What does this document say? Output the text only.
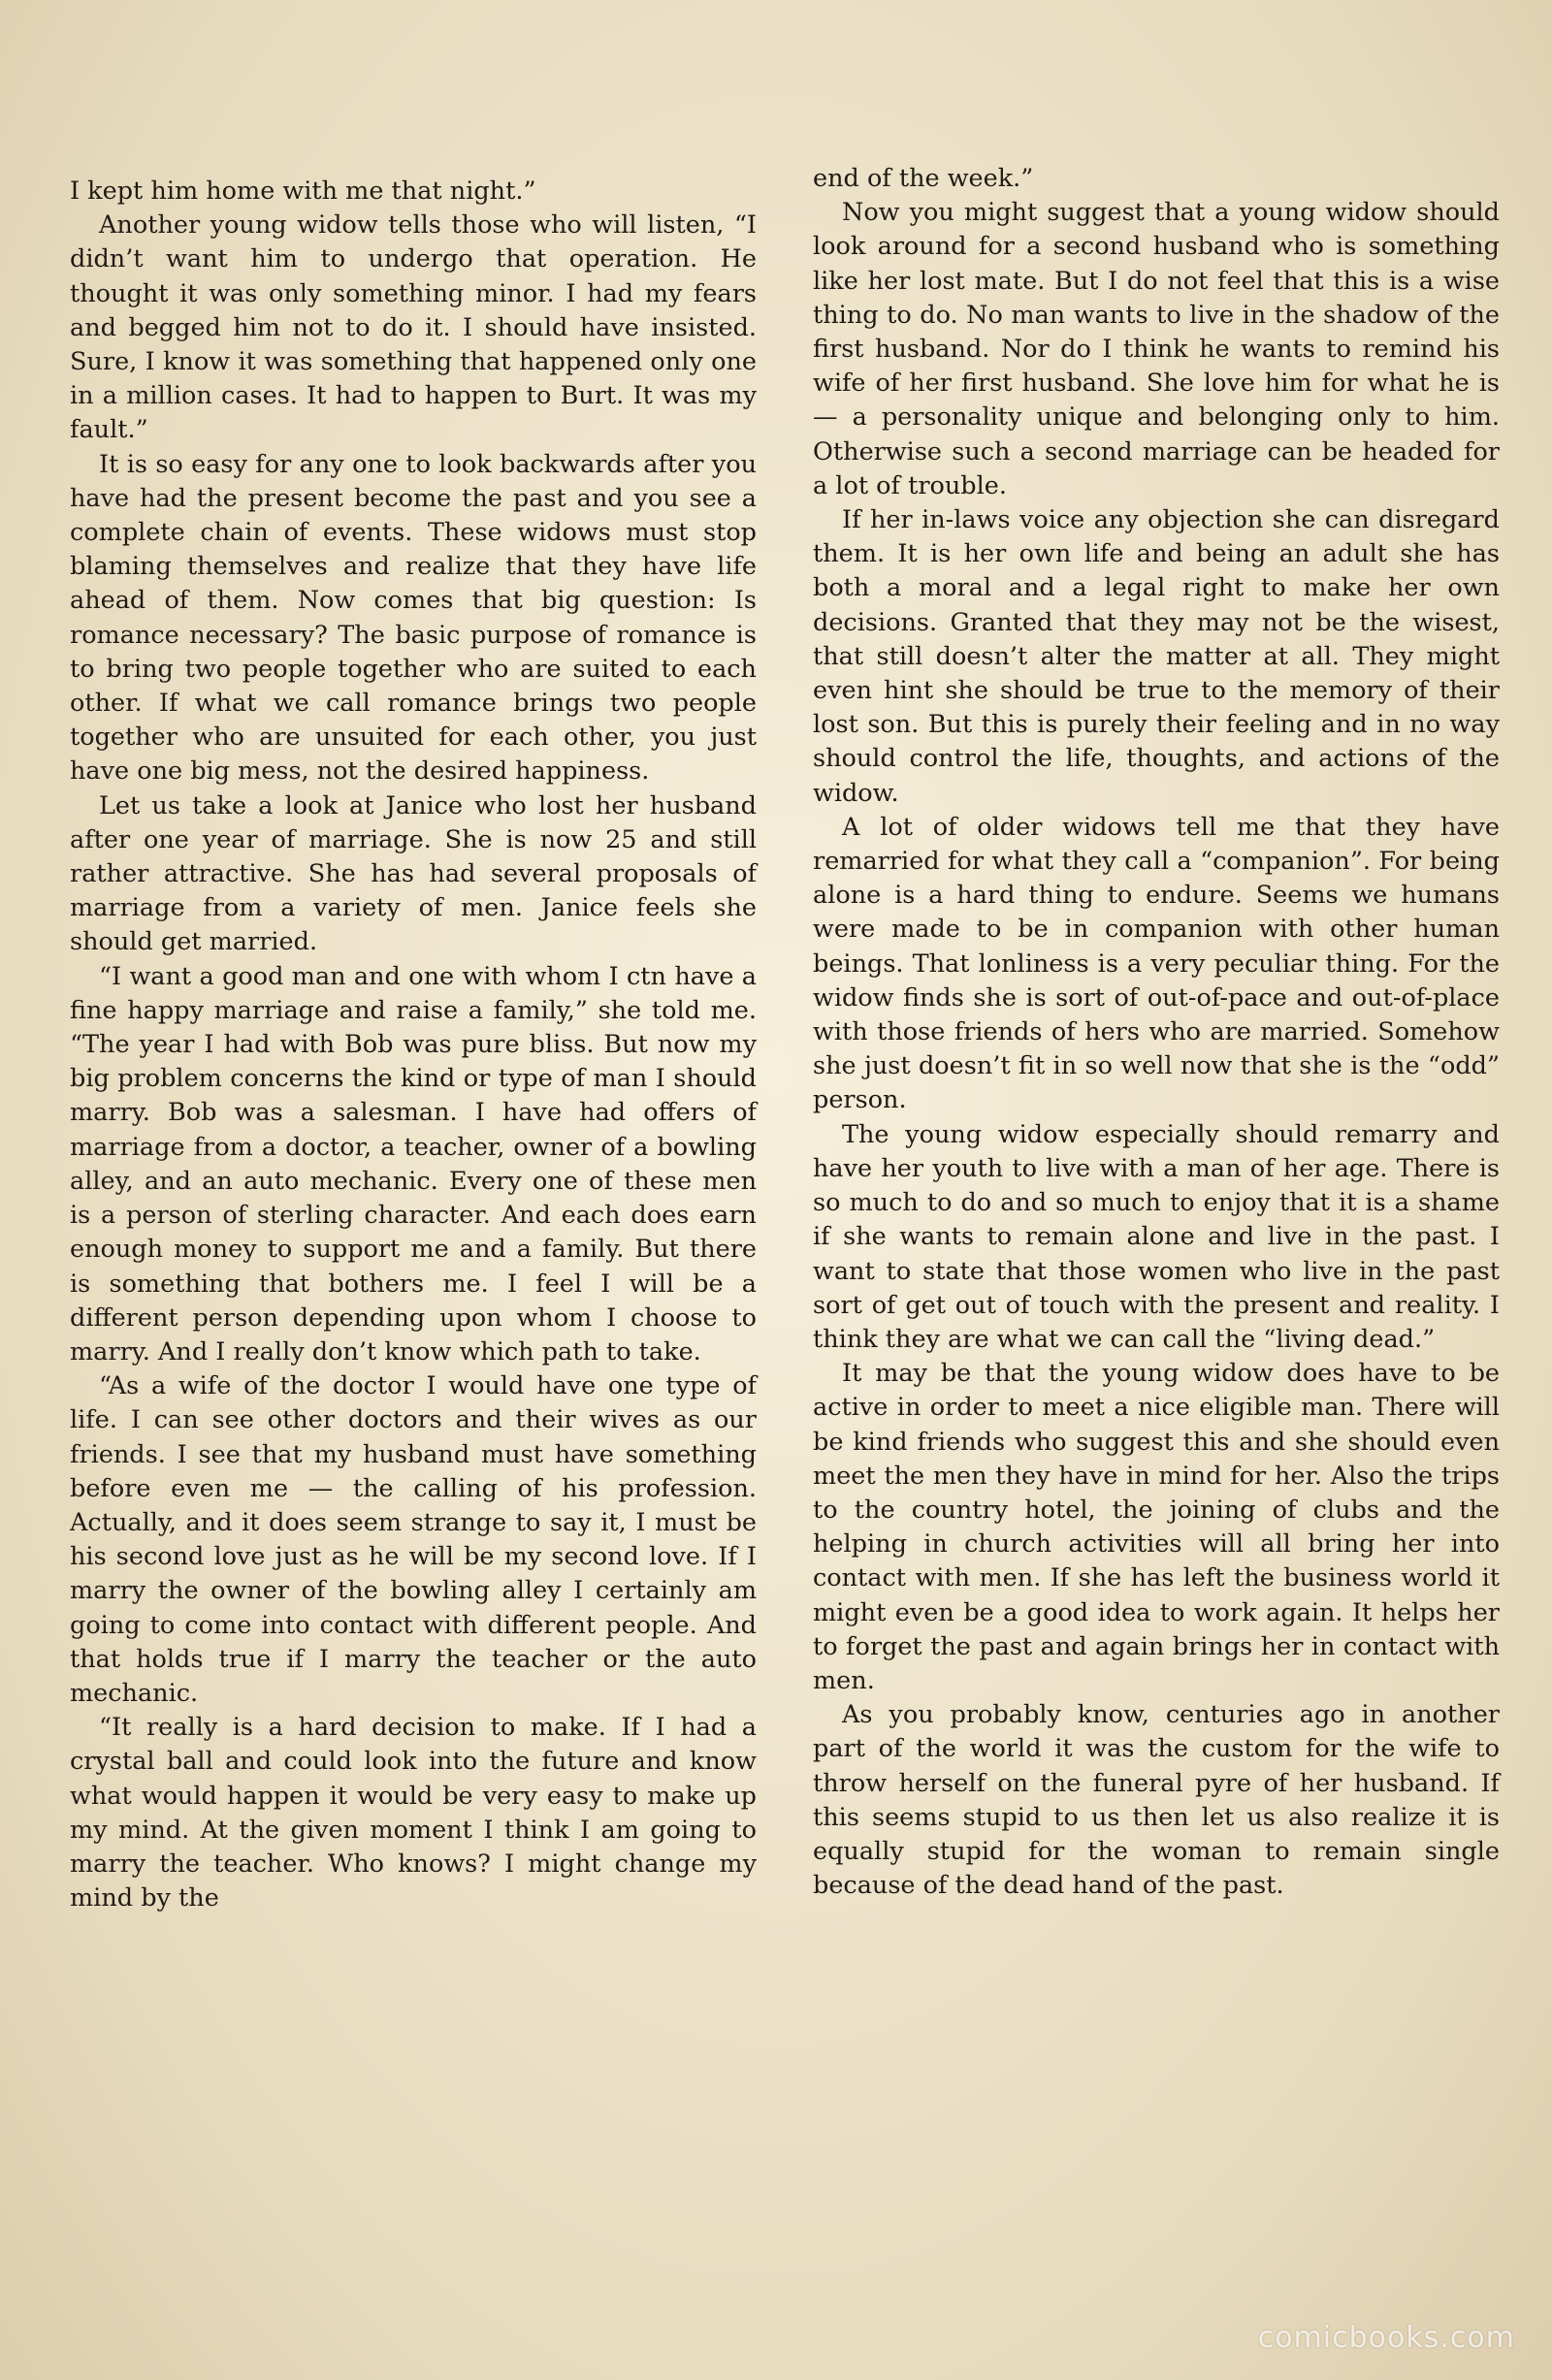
I kept him home with me that night.”

Another young widow tells those who will listen, “I didn’t want him to undergo that operation. He thought it was only something minor. I had my fears and begged him not to do it. I should have insisted. Sure, I know it was something that happened only one in a million cases. It had to happen to Burt. It was my fault.”

It is so easy for any one to look backwards after you have had the present become the past and you see a complete chain of events. These widows must stop blaming themselves and realize that they have life ahead of them. Now comes that big question: Is romance necessary? The basic purpose of romance is to bring two people together who are suited to each other. If what we call romance brings two people together who are unsuited for each other, you just have one big mess, not the desired happiness.

Let us take a look at Janice who lost her husband after one year of marriage. She is now 25 and still rather attractive. She has had several proposals of marriage from a variety of men. Janice feels she should get married.

“I want a good man and one with whom I ctn have a fine happy marriage and raise a family,” she told me. “The year I had with Bob was pure bliss. But now my big problem concerns the kind or type of man I should marry. Bob was a salesman. I have had offers of marriage from a doctor, a teacher, owner of a bowling alley, and an auto mechanic. Every one of these men is a person of sterling character. And each does earn enough money to support me and a family. But there is something that bothers me. I feel I will be a different person depending upon whom I choose to marry. And I really don’t know which path to take.

“As a wife of the doctor I would have one type of life. I can see other doctors and their wives as our friends. I see that my husband must have something before even me — the calling of his profession. Actually, and it does seem strange to say it, I must be his second love just as he will be my second love. If I marry the owner of the bowling alley I certainly am going to come into contact with different people. And that holds true if I marry the teacher or the auto mechanic.

“It really is a hard decision to make. If I had a crystal ball and could look into the future and know what would happen it would be very easy to make up my mind. At the given moment I think I am going to marry the teacher. Who knows? I might change my mind by the

end of the week.”

Now you might suggest that a young widow should look around for a second husband who is something like her lost mate. But I do not feel that this is a wise thing to do. No man wants to live in the shadow of the first husband. Nor do I think he wants to remind his wife of her first husband. She love him for what he is — a personality unique and belonging only to him. Otherwise such a second marriage can be headed for a lot of trouble.

If her in-laws voice any objection she can disregard them. It is her own life and being an adult she has both a moral and a legal right to make her own decisions. Granted that they may not be the wisest, that still doesn’t alter the matter at all. They might even hint she should be true to the memory of their lost son. But this is purely their feeling and in no way should control the life, thoughts, and actions of the widow.

A lot of older widows tell me that they have remarried for what they call a “companion”. For being alone is a hard thing to endure. Seems we humans were made to be in companion with other human beings. That lonliness is a very peculiar thing. For the widow finds she is sort of out-of-pace and out-of-place with those friends of hers who are married. Somehow she just doesn’t fit in so well now that she is the “odd” person.

The young widow especially should remarry and have her youth to live with a man of her age. There is so much to do and so much to enjoy that it is a shame if she wants to remain alone and live in the past. I want to state that those women who live in the past sort of get out of touch with the present and reality. I think they are what we can call the “living dead.”

It may be that the young widow does have to be active in order to meet a nice eligible man. There will be kind friends who suggest this and she should even meet the men they have in mind for her. Also the trips to the country hotel, the joining of clubs and the helping in church activities will all bring her into contact with men. If she has left the business world it might even be a good idea to work again. It helps her to forget the past and again brings her in contact with men.

As you probably know, centuries ago in another part of the world it was the custom for the wife to throw herself on the funeral pyre of her husband. If this seems stupid to us then let us also realize it is equally stupid for the woman to remain single because of the dead hand of the past.

comicbooks.com
